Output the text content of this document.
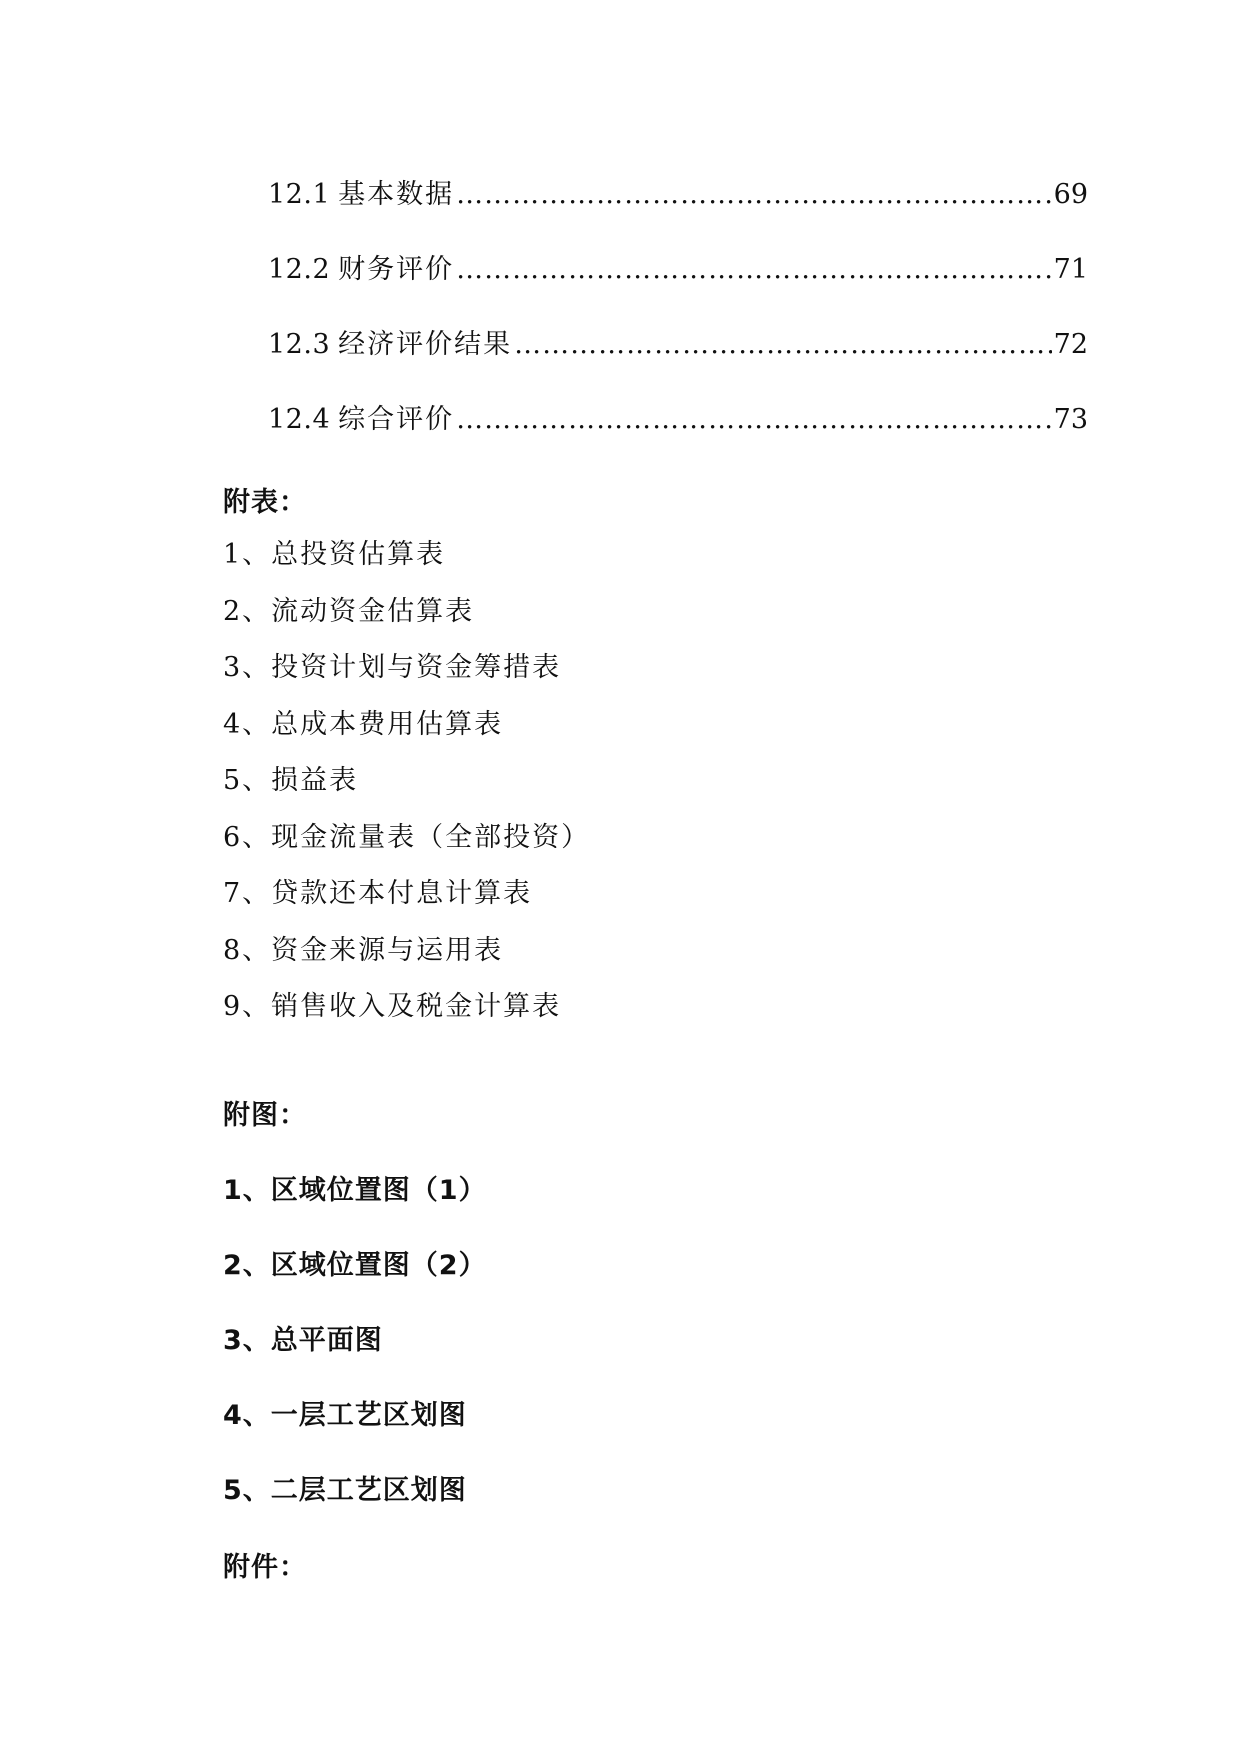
12.1 基本数据 …………………………………………………………………………………………………………………………………………………………	69
12.2 财务评价 …………………………………………………………………………………………………………………………………………………………	71
12.3 经济评价结果 …………………………………………………………………………………………………………………………………………………………	72
12.4 综合评价 …………………………………………………………………………………………………………………………………………………………	73
附表：
1、总投资估算表
2、流动资金估算表
3、投资计划与资金筹措表
4、总成本费用估算表
5、损益表
6、现金流量表（全部投资）
7、贷款还本付息计算表
8、资金来源与运用表
9、销售收入及税金计算表
附图：
1、区域位置图（1）
2、区域位置图（2）
3、总平面图
4、一层工艺区划图
5、二层工艺区划图
附件：
